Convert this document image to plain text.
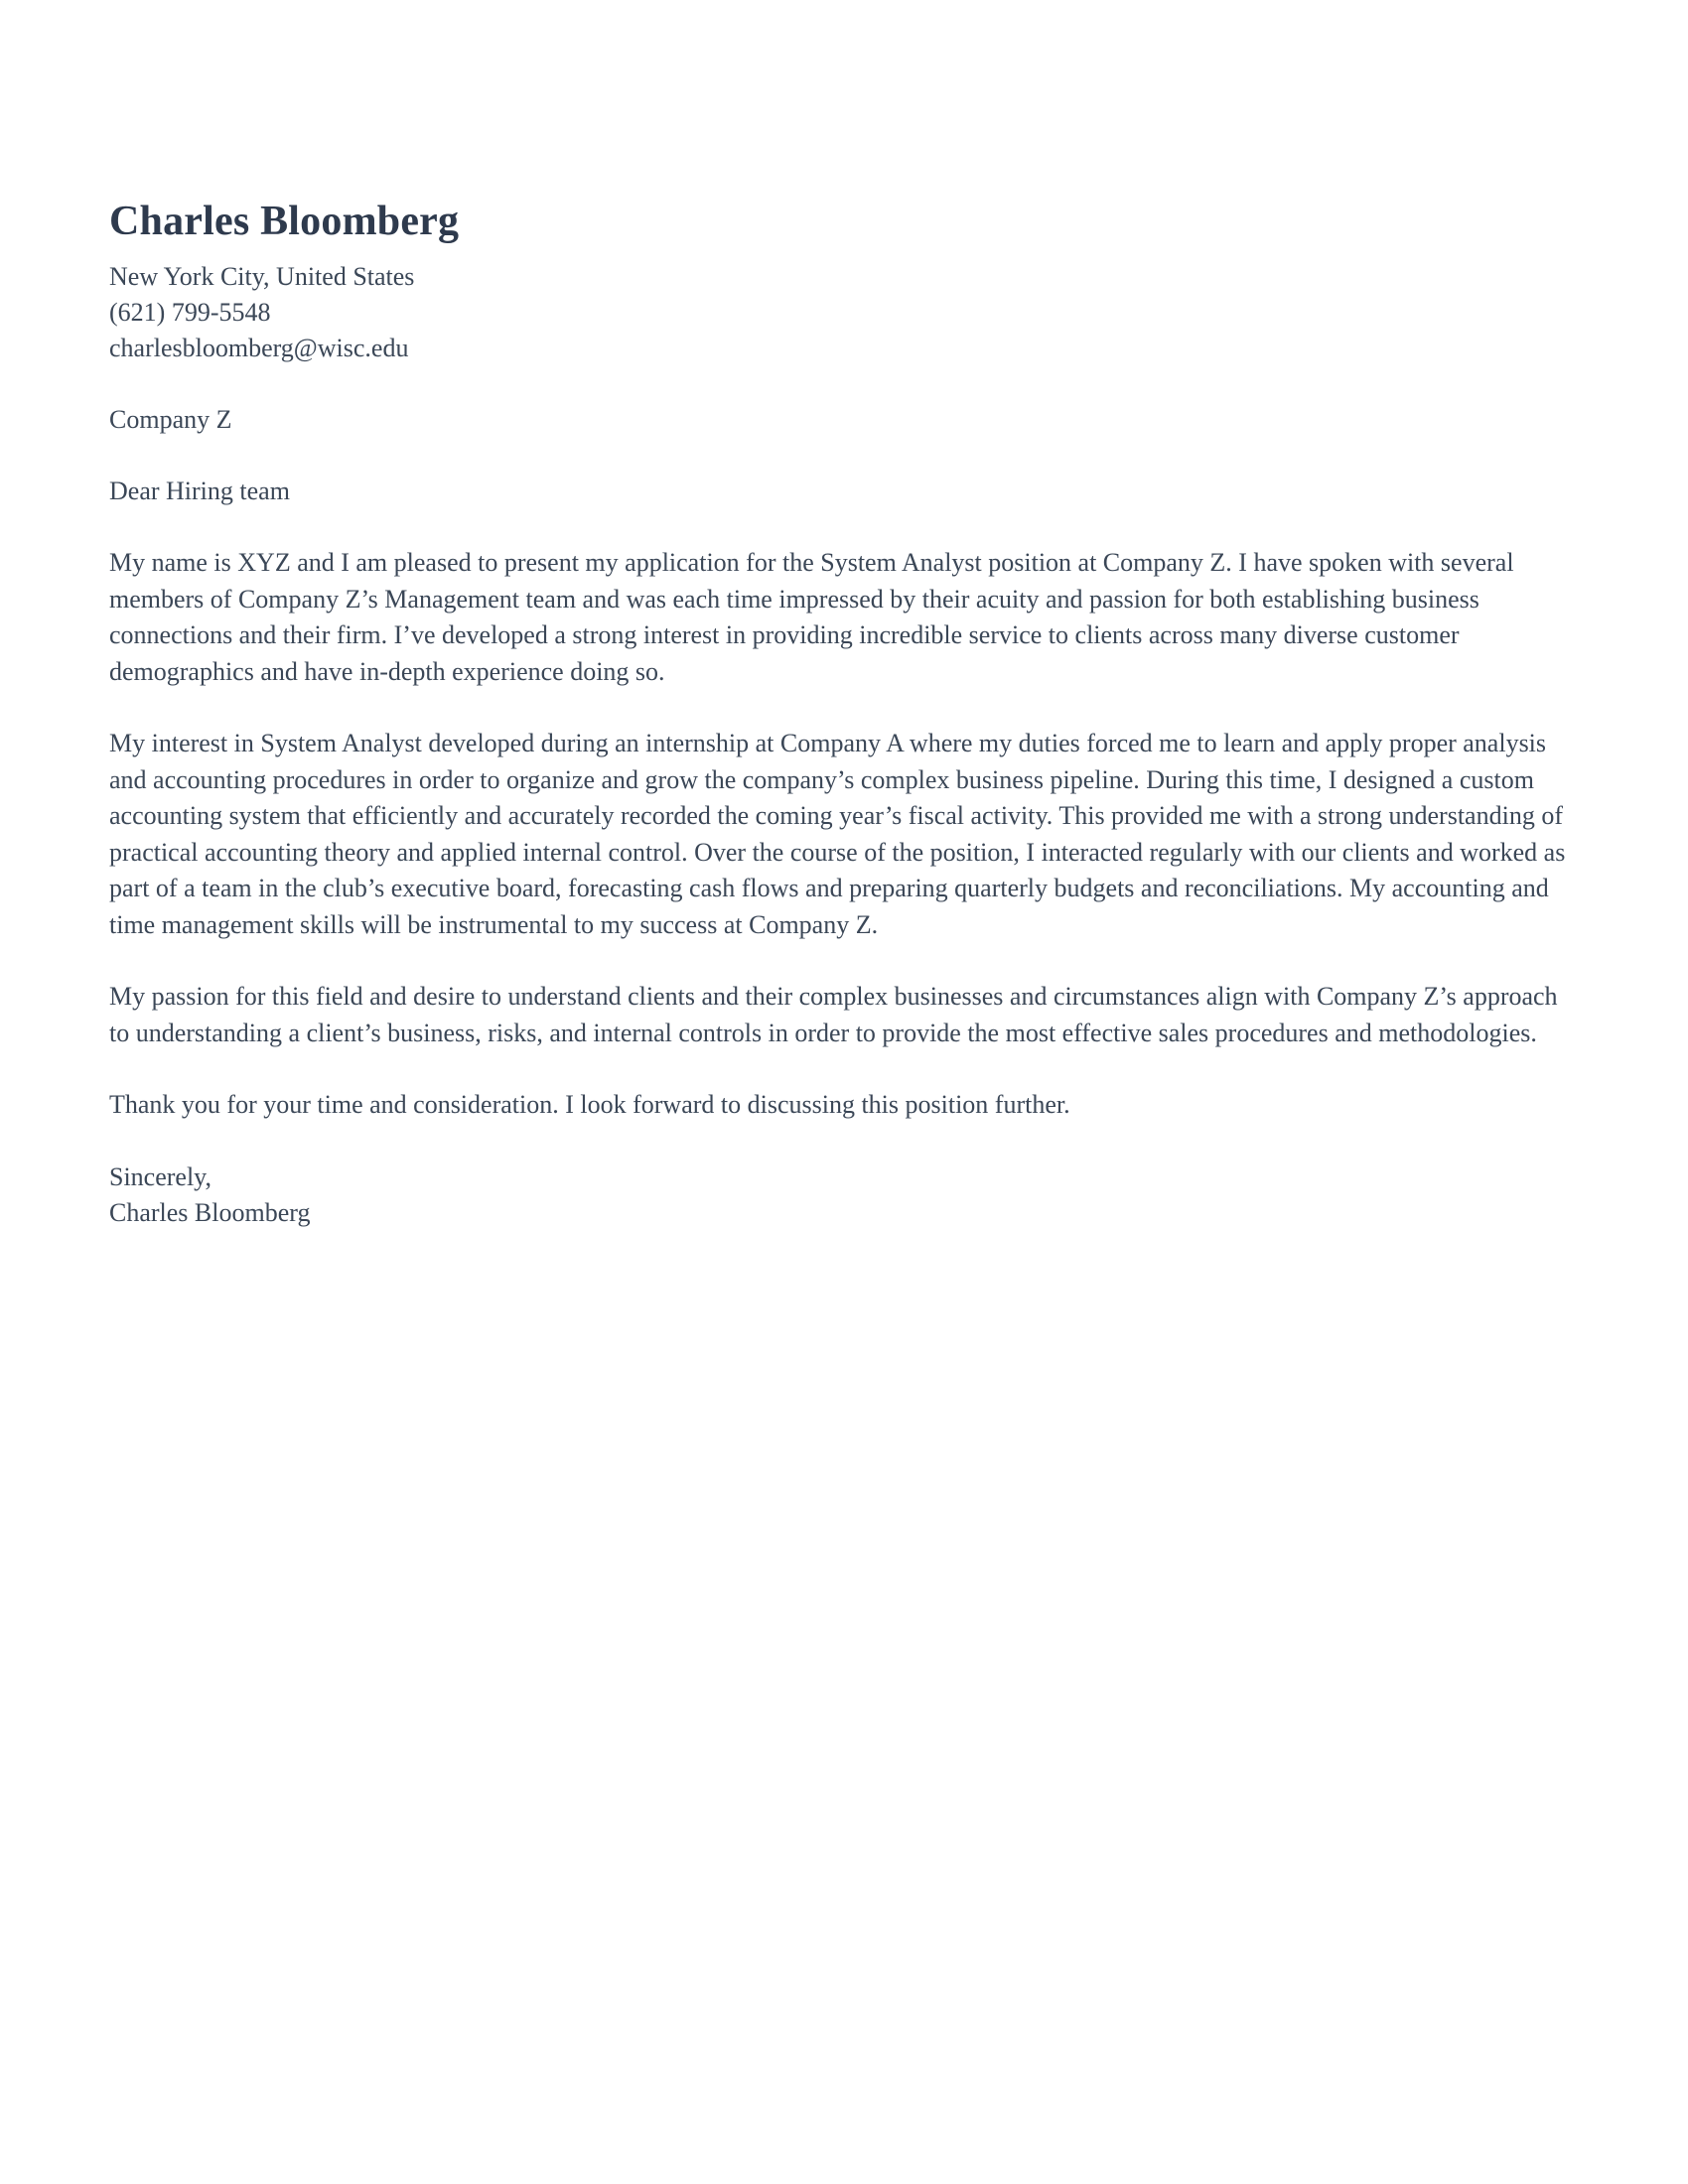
Charles Bloomberg
New York City, United States
(621) 799-5548
charlesbloomberg@wisc.edu
Company Z
Dear Hiring team

My name is XYZ and I am pleased to present my application for the System Analyst position at Company Z. I have spoken with several members of Company Z’s Management team and was each time impressed by their acuity and passion for both establishing business connections and their firm. I’ve developed a strong interest in providing incredible service to clients across many diverse customer demographics and have in-depth experience doing so.

My interest in System Analyst developed during an internship at Company A where my duties forced me to learn and apply proper analysis and accounting procedures in order to organize and grow the company’s complex business pipeline. During this time, I designed a custom accounting system that efficiently and accurately recorded the coming year’s fiscal activity. This provided me with a strong understanding of practical accounting theory and applied internal control. Over the course of the position, I interacted regularly with our clients and worked as part of a team in the club’s executive board, forecasting cash flows and preparing quarterly budgets and reconciliations. My accounting and time management skills will be instrumental to my success at Company Z.

My passion for this field and desire to understand clients and their complex businesses and circumstances align with Company Z’s approach to understanding a client’s business, risks, and internal controls in order to provide the most effective sales procedures and methodologies.

Thank you for your time and consideration. I look forward to discussing this position further.

Sincerely,
Charles Bloomberg
